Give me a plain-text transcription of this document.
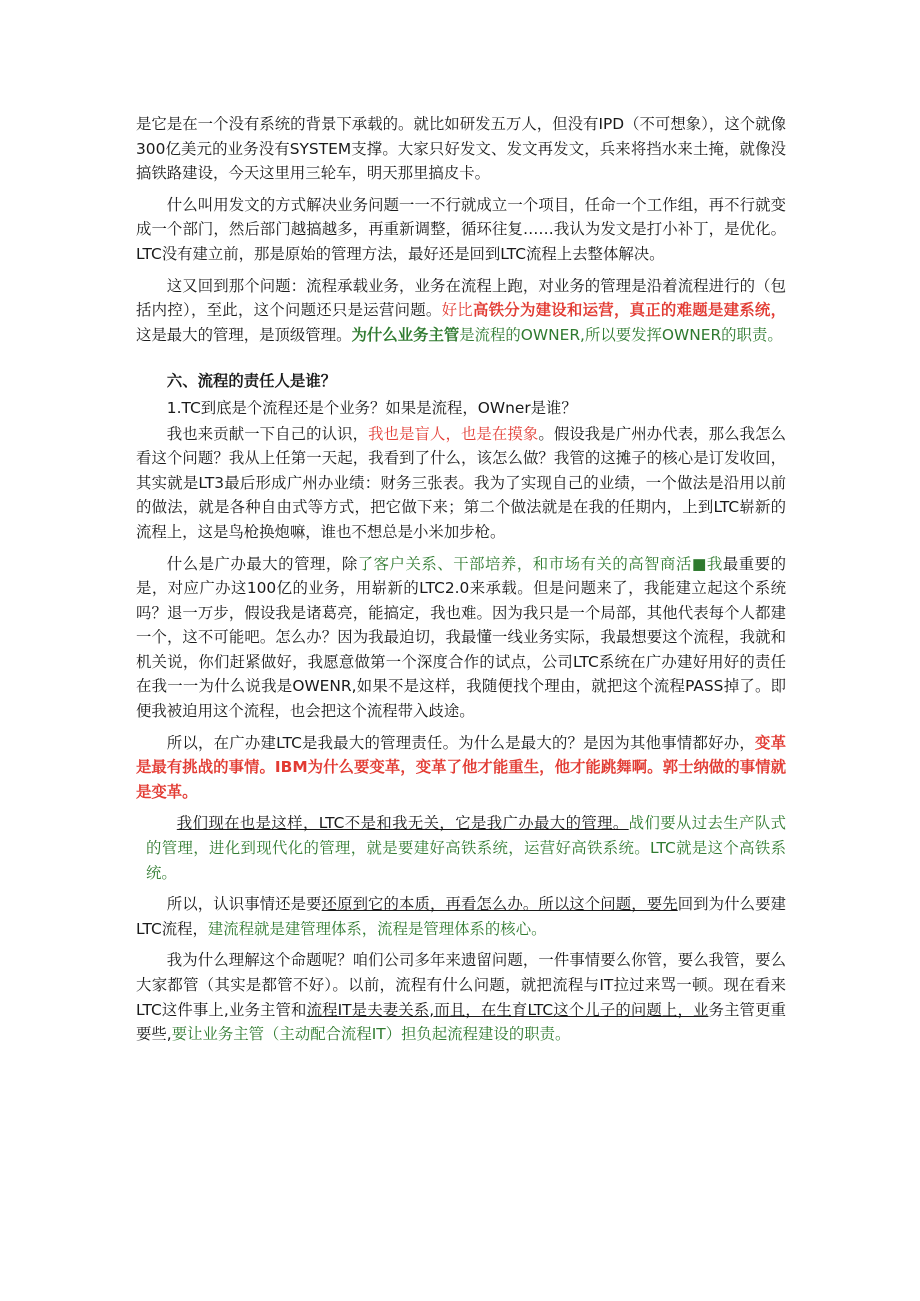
是它是在一个没有系统的背景下承载的。就比如研发五万人，但没有IPD（不可想象），这个就像300亿美元的业务没有SYSTEM支撑。大家只好发文、发文再发文，兵来将挡水来土掩，就像没搞铁路建设，今天这里用三轮车，明天那里搞皮卡。

什么叫用发文的方式解决业务问题一一不行就成立一个项目，任命一个工作组，再不行就变成一个部门，然后部门越搞越多，再重新调整，循环往复……我认为发文是打小补丁，是优化。LTC没有建立前，那是原始的管理方法，最好还是回到LTC流程上去整体解决。

这又回到那个问题：流程承载业务，业务在流程上跑，对业务的管理是沿着流程进行的（包括内控），至此，这个问题还只是运营问题。好比高铁分为建设和运营，真正的难题是建系统，这是最大的管理，是顶级管理。为什么业务主管是流程的OWNER,所以要发挥OWNER的职责。

六、流程的责任人是谁？

1.TC到底是个流程还是个业务？如果是流程，OWner是谁？

我也来贡献一下自己的认识，我也是盲人，也是在摸象。假设我是广州办代表，那么我怎么看这个问题？我从上任第一天起，我看到了什么，该怎么做？我管的这摊子的核心是订发收回，其实就是LT3最后形成广州办业绩：财务三张表。我为了实现自己的业绩，一个做法是沿用以前的做法，就是各种自由式等方式，把它做下来；第二个做法就是在我的任期内，上到LTC崭新的流程上，这是鸟枪换炮嘛，谁也不想总是小米加步枪。

什么是广办最大的管理，除了客户关系、干部培养，和市场有关的高智商活■我最重要的是，对应广办这100亿的业务，用崭新的LTC2.0来承载。但是问题来了，我能建立起这个系统吗？退一万步，假设我是诸葛亮，能搞定，我也难。因为我只是一个局部，其他代表每个人都建一个，这不可能吧。怎么办？因为我最迫切，我最懂一线业务实际，我最想要这个流程，我就和机关说，你们赶紧做好，我愿意做第一个深度合作的试点，公司LTC系统在广办建好用好的责任在我一一为什么说我是OWENR,如果不是这样，我随便找个理由，就把这个流程PASS掉了。即便我被迫用这个流程，也会把这个流程带入歧途。

所以，在广办建LTC是我最大的管理责任。为什么是最大的？是因为其他事情都好办，变革是最有挑战的事情。IBM为什么要变革，变革了他才能重生，他才能跳舞啊。郭士纳做的事情就是变革。

我们现在也是这样，LTC不是和我无关，它是我广办最大的管理。战们要从过去生产队式的管理，进化到现代化的管理，就是要建好高铁系统，运营好高铁系统。LTC就是这个高铁系统。

所以，认识事情还是要还原到它的本质，再看怎么办。所以这个问题，要先回到为什么要建LTC流程，建流程就是建管理体系，流程是管理体系的核心。

我为什么理解这个命题呢？咱们公司多年来遗留问题，一件事情要么你管，要么我管，要么大家都管（其实是都管不好）。以前，流程有什么问题，就把流程与IT拉过来骂一顿。现在看来LTC这件事上,业务主管和流程IT是夫妻关系,而且，在生育LTC这个儿子的问题上，业务主管更重要些,要让业务主管（主动配合流程IT）担负起流程建设的职责。
